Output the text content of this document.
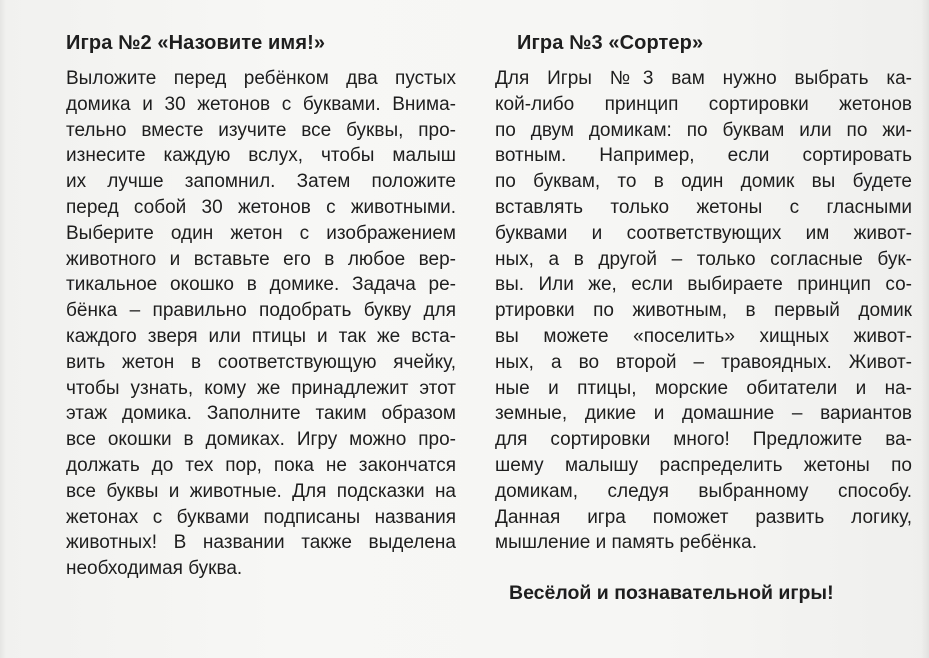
Игра №2 «Назовите имя!»
Выложите перед ребёнком два пустых
домика и 30 жетонов с буквами. Внима-
тельно вместе изучите все буквы, про-
изнесите каждую вслух, чтобы малыш
их лучше запомнил. Затем положите
перед собой 30 жетонов с животными.
Выберите один жетон с изображением
животного и вставьте его в любое вер-
тикальное окошко в домике. Задача ре-
бёнка – правильно подобрать букву для
каждого зверя или птицы и так же вста-
вить жетон в соответствующую ячейку,
чтобы узнать, кому же принадлежит этот
этаж домика. Заполните таким образом
все окошки в домиках. Игру можно про-
должать до тех пор, пока не закончатся
все буквы и животные. Для подсказки на
жетонах с буквами подписаны названия
животных! В названии также выделена
необходимая буква.
Игра №3 «Сортер»
Для Игры №3 вам нужно выбрать ка-
кой-либо принцип сортировки жетонов
по двум домикам: по буквам или по жи-
вотным. Например, если сортировать
по буквам, то в один домик вы будете
вставлять только жетоны с гласными
буквами и соответствующих им живот-
ных, а в другой – только согласные бук-
вы. Или же, если выбираете принцип со-
ртировки по животным, в первый домик
вы можете «поселить» хищных живот-
ных, а во второй – травоядных. Живот-
ные и птицы, морские обитатели и на-
земные, дикие и домашние – вариантов
для сортировки много! Предложите ва-
шему малышу распределить жетоны по
домикам, следуя выбранному способу.
Данная игра поможет развить логику,
мышление и память ребёнка.
Весёлой и познавательной игры!
